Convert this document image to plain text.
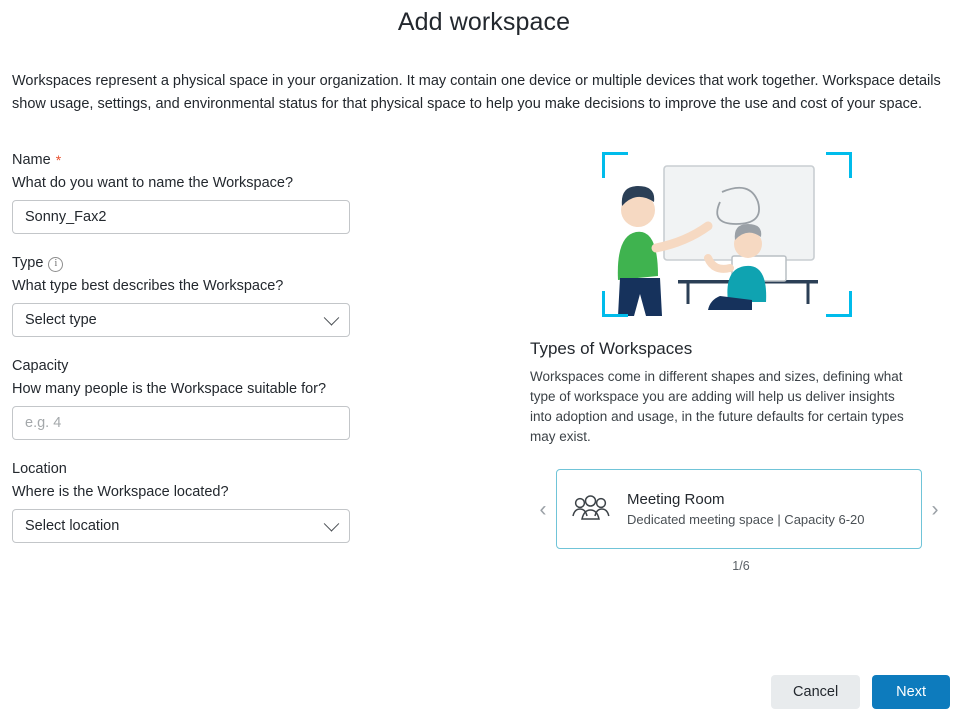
Add workspace

Workspaces represent a physical space in your organization. It may contain one device or multiple devices that work together. Workspace details show usage, settings, and environmental status for that physical space to help you make decisions to improve the use and cost of your space.

Name *
What do you want to name the Workspace?
Sonny_Fax2
Type	i
What type best describes the Workspace?
Select type
Capacity
How many people is the Workspace suitable for?
e.g. 4
Location
Where is the Workspace located?
Select location
Types of Workspaces
Workspaces come in different shapes and sizes, defining what type of workspace you are adding will help us deliver insights into adoption and usage, in the future defaults for certain types may exist.
‹	Meeting Room
Dedicated meeting space | Capacity 6-20	›
1/6
Cancel	Next
